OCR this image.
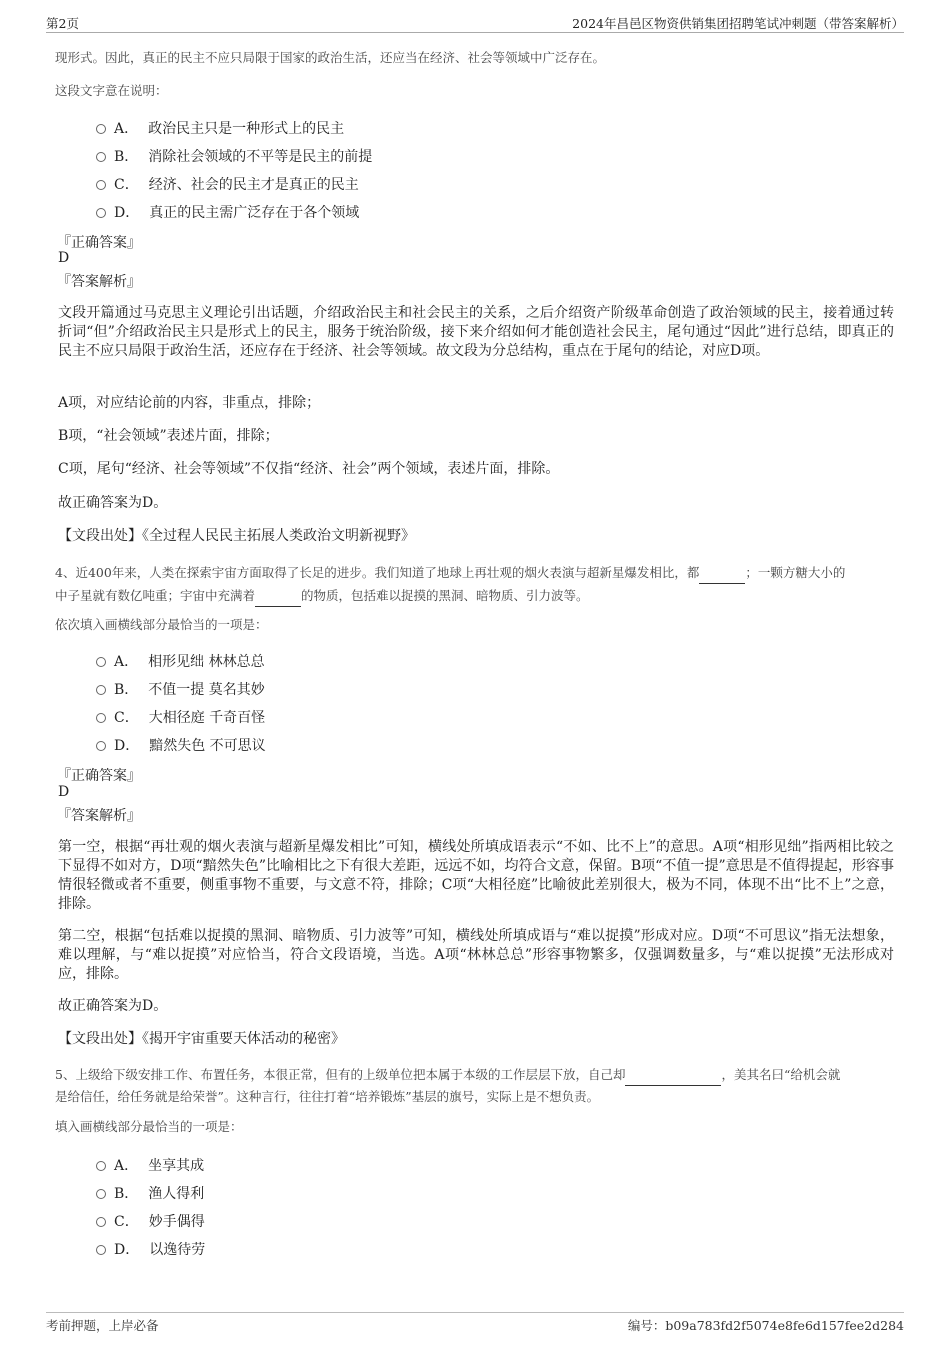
第2页	2024年昌邑区物资供销集团招聘笔试冲刺题（带答案解析）
现形式。因此，真正的民主不应只局限于国家的政治生活，还应当在经济、社会等领域中广泛存在。
这段文字意在说明：
A． 政治民主只是一种形式上的民主
B． 消除社会领域的不平等是民主的前提
C． 经济、社会的民主才是真正的民主
D． 真正的民主需广泛存在于各个领域
『正确答案』
D
『答案解析』
文段开篇通过马克思主义理论引出话题，介绍政治民主和社会民主的关系，之后介绍资产阶级革命创造了政治领域的民主，接着通过转折词“但”介绍政治民主只是形式上的民主，服务于统治阶级，接下来介绍如何才能创造社会民主，尾句通过“因此”进行总结，即真正的民主不应只局限于政治生活，还应存在于经济、社会等领域。故文段为分总结构，重点在于尾句的结论，对应D项。
A项，对应结论前的内容，非重点，排除；
B项，“社会领域”表述片面，排除；
C项，尾句“经济、社会等领域”不仅指“经济、社会”两个领域，表述片面，排除。
故正确答案为D。
【文段出处】《全过程人民民主拓展人类政治文明新视野》
4、近400年来，人类在探索宇宙方面取得了长足的进步。我们知道了地球上再壮观的烟火表演与超新星爆发相比，都	；一颗方糖大小的
中子星就有数亿吨重；宇宙中充满着	的物质，包括难以捉摸的黑洞、暗物质、引力波等。
依次填入画横线部分最恰当的一项是：
A． 相形见绌 林林总总
B． 不值一提 莫名其妙
C． 大相径庭 千奇百怪
D． 黯然失色 不可思议
『正确答案』
D
『答案解析』
第一空，根据“再壮观的烟火表演与超新星爆发相比”可知，横线处所填成语表示“不如、比不上”的意思。A项“相形见绌”指两相比较之下显得不如对方，D项“黯然失色”比喻相比之下有很大差距，远远不如，均符合文意，保留。B项“不值一提”意思是不值得提起，形容事情很轻微或者不重要，侧重事物不重要，与文意不符，排除；C项“大相径庭”比喻彼此差别很大，极为不同，体现不出“比不上”之意，排除。
第二空，根据“包括难以捉摸的黑洞、暗物质、引力波等”可知，横线处所填成语与“难以捉摸”形成对应。D项“不可思议”指无法想象，难以理解，与“难以捉摸”对应恰当，符合文段语境，当选。A项“林林总总”形容事物繁多，仅强调数量多，与“难以捉摸”无法形成对应，排除。
故正确答案为D。
【文段出处】《揭开宇宙重要天体活动的秘密》
5、上级给下级安排工作、布置任务，本很正常，但有的上级单位把本属于本级的工作层层下放，自己却	，美其名曰“给机会就
是给信任，给任务就是给荣誉”。这种言行，往往打着“培养锻炼”基层的旗号，实际上是不想负责。
填入画横线部分最恰当的一项是：
A． 坐享其成
B． 渔人得利
C． 妙手偶得
D． 以逸待劳
考前押题，上岸必备	编号：b09a783fd2f5074e8fe6d157fee2d284
